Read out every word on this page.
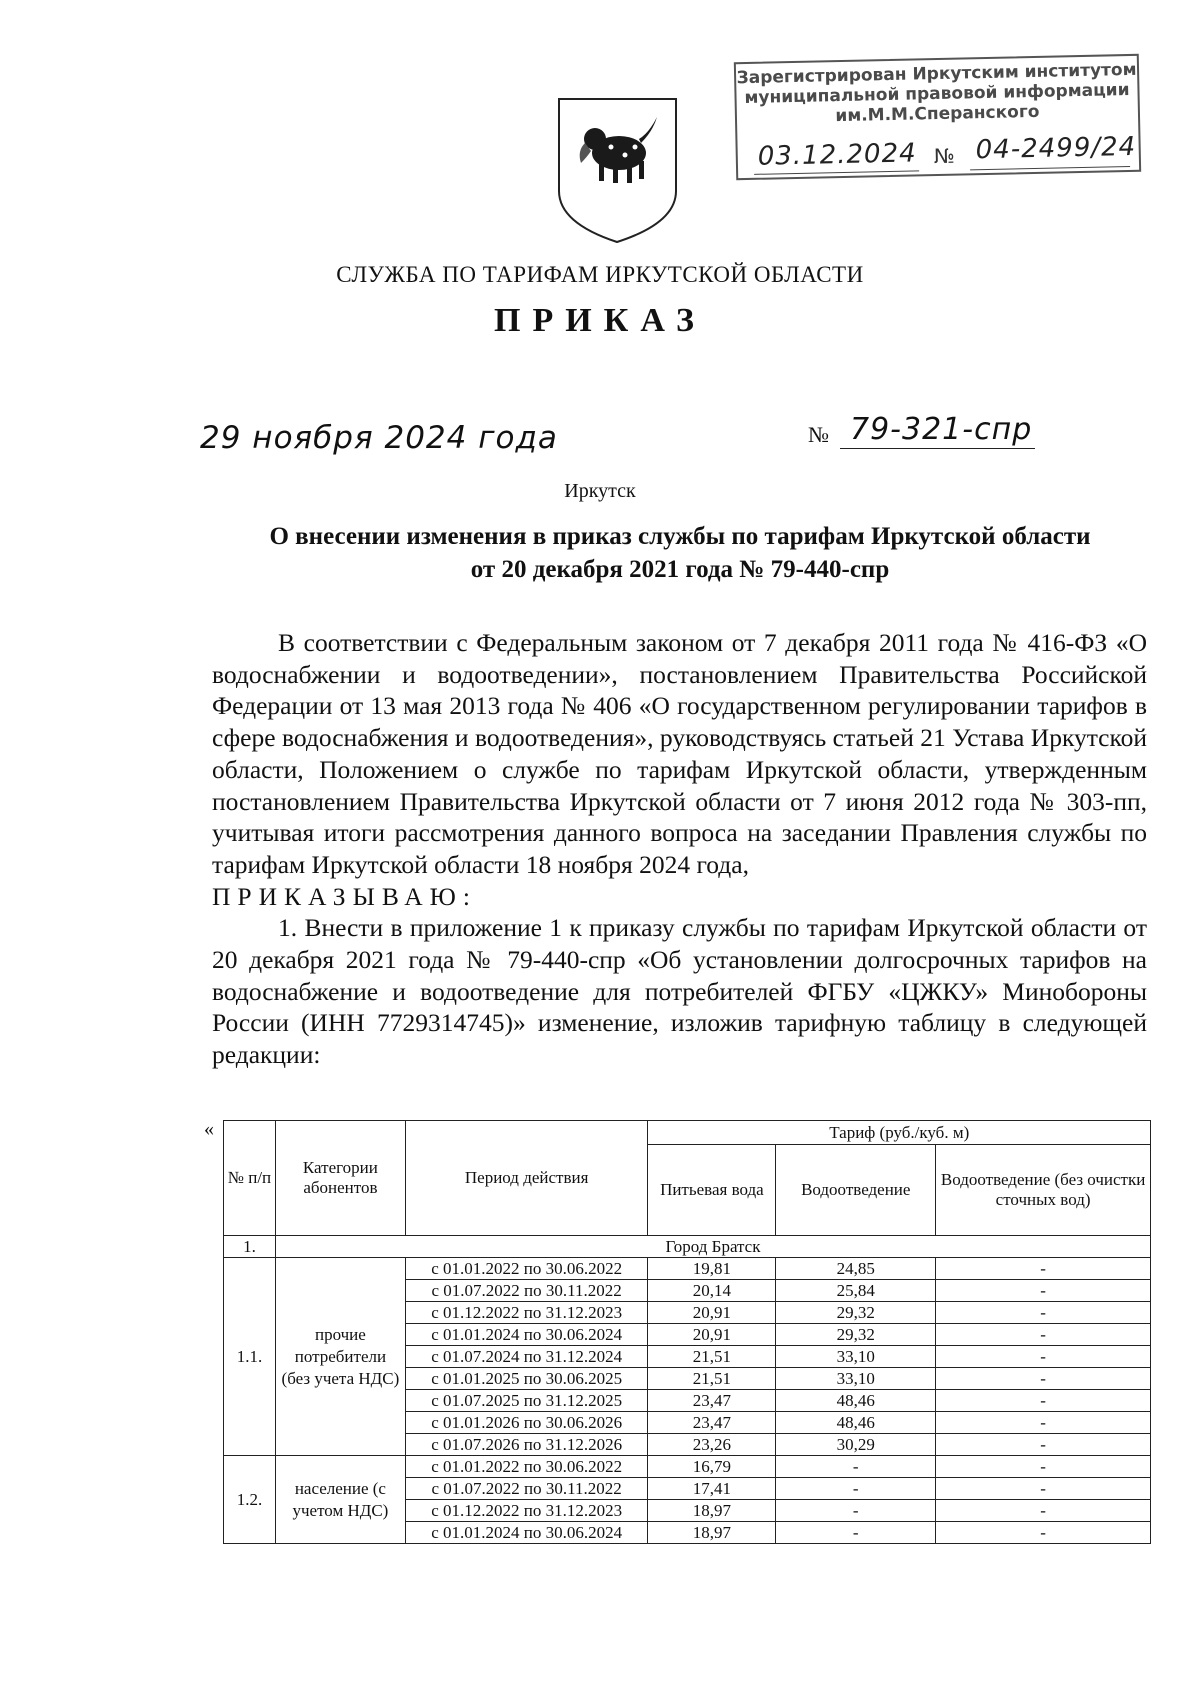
Зарегистрирован Иркутским институтом
муниципальной правовой информации
им.М.М.Сперанского
03.12.2024 № 04-2499/24
СЛУЖБА ПО ТАРИФАМ ИРКУТСКОЙ ОБЛАСТИ
ПРИКАЗ
29 ноября 2024 года	№ 79-321-спр
Иркутск
О внесении изменения в приказ службы по тарифам Иркутской области
от 20 декабря 2021 года № 79-440-спр

В соответствии с Федеральным законом от 7 декабря 2011 года № 416-ФЗ «О водоснабжении и водоотведении», постановлением Правительства Российской Федерации от 13 мая 2013 года № 406 «О государственном регулировании тарифов в сфере водоснабжения и водоотведения», руководствуясь статьей 21 Устава Иркутской области, Положением о службе по тарифам Иркутской области, утвержденным постановлением Правительства Иркутской области от 7 июня 2012 года № 303-пп, учитывая итоги рассмотрения данного вопроса на заседании Правления службы по тарифам Иркутской области 18 ноября 2024 года,

ПРИКАЗЫВАЮ:

1. Внести в приложение 1 к приказу службы по тарифам Иркутской области от 20 декабря 2021 года № 79-440-спр «Об установлении долгосрочных тарифов на водоснабжение и водоотведение для потребителей ФГБУ «ЦЖКУ» Минобороны России (ИНН 7729314745)» изменение, изложив тарифную таблицу в следующей редакции:

«
№ п/п	Категории абонентов	Период действия	Тариф (руб./куб. м)		
			Питьевая вода	Водоотведение	Водоотведение (без очистки сточных вод)
1.	Город Братск				
1.1.	прочие потребители (без учета НДС)	с 01.01.2022 по 30.06.2022	19,81	24,85	-
		с 01.07.2022 по 30.11.2022	20,14	25,84	-
		с 01.12.2022 по 31.12.2023	20,91	29,32	-
		с 01.01.2024 по 30.06.2024	20,91	29,32	-
		с 01.07.2024 по 31.12.2024	21,51	33,10	-
		с 01.01.2025 по 30.06.2025	21,51	33,10	-
		с 01.07.2025 по 31.12.2025	23,47	48,46	-
		с 01.01.2026 по 30.06.2026	23,47	48,46	-
		с 01.07.2026 по 31.12.2026	23,26	30,29	-
1.2.	население (с учетом НДС)	с 01.01.2022 по 30.06.2022	16,79	-	-
		с 01.07.2022 по 30.11.2022	17,41	-	-
		с 01.12.2022 по 31.12.2023	18,97	-	-
		с 01.01.2024 по 30.06.2024	18,97	-	-
